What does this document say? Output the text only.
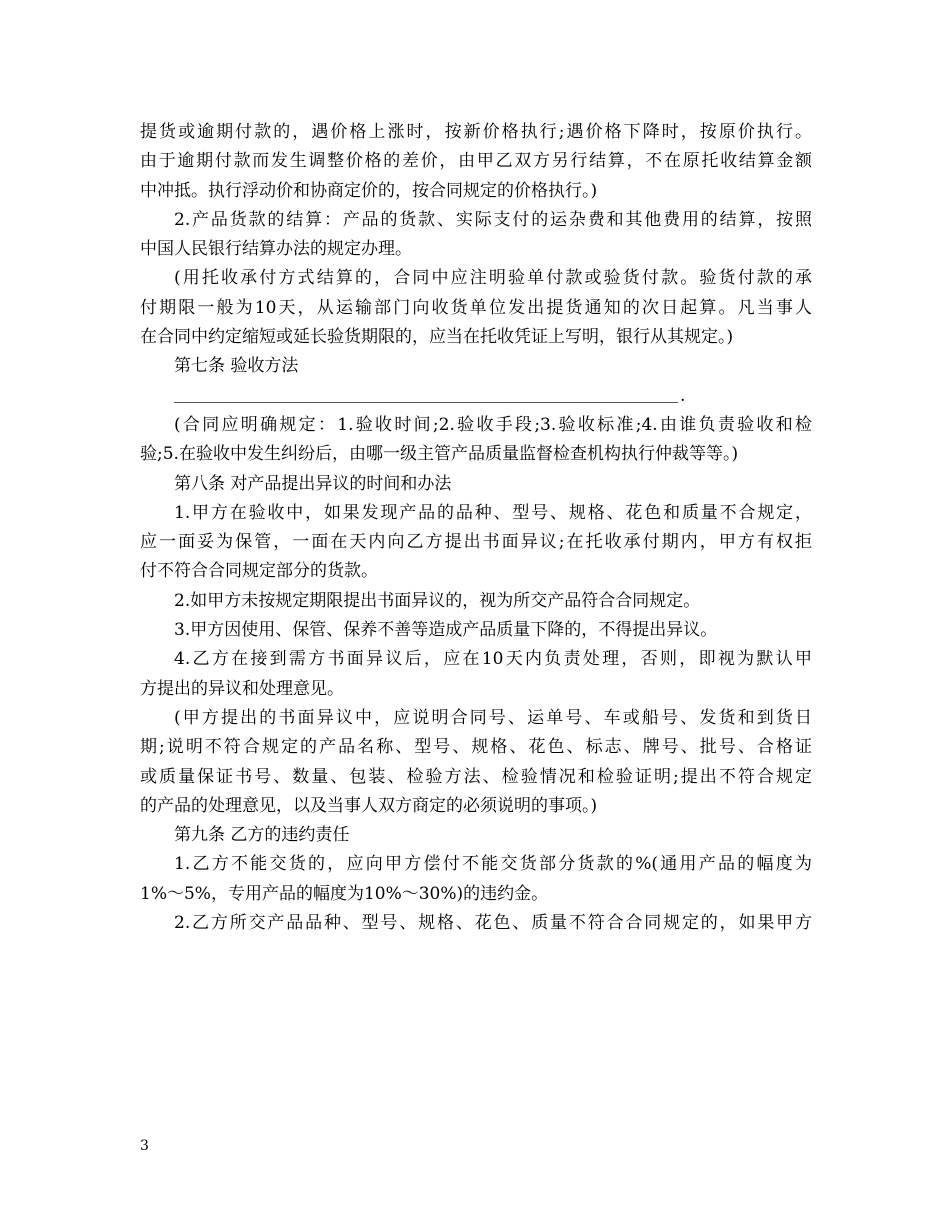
提货或逾期付款的，遇价格上涨时，按新价格执行;遇价格下降时，按原价执行。
由于逾期付款而发生调整价格的差价，由甲乙双方另行结算，不在原托收结算金额
中冲抵。执行浮动价和协商定价的，按合同规定的价格执行。)
2.产品货款的结算：产品的货款、实际支付的运杂费和其他费用的结算，按照
中国人民银行结算办法的规定办理。
(用托收承付方式结算的，合同中应注明验单付款或验货付款。验货付款的承
付期限一般为10天，从运输部门向收货单位发出提货通知的次日起算。凡当事人
在合同中约定缩短或延长验货期限的，应当在托收凭证上写明，银行从其规定。)
第七条 验收方法
.
(合同应明确规定：1.验收时间;2.验收手段;3.验收标准;4.由谁负责验收和检
验;5.在验收中发生纠纷后，由哪一级主管产品质量监督检查机构执行仲裁等等。)
第八条 对产品提出异议的时间和办法
1.甲方在验收中，如果发现产品的品种、型号、规格、花色和质量不合规定，
应一面妥为保管，一面在天内向乙方提出书面异议;在托收承付期内，甲方有权拒
付不符合合同规定部分的货款。
2.如甲方未按规定期限提出书面异议的，视为所交产品符合合同规定。
3.甲方因使用、保管、保养不善等造成产品质量下降的，不得提出异议。
4.乙方在接到需方书面异议后，应在10天内负责处理，否则，即视为默认甲
方提出的异议和处理意见。
(甲方提出的书面异议中，应说明合同号、运单号、车或船号、发货和到货日
期;说明不符合规定的产品名称、型号、规格、花色、标志、牌号、批号、合格证
或质量保证书号、数量、包装、检验方法、检验情况和检验证明;提出不符合规定
的产品的处理意见，以及当事人双方商定的必须说明的事项。)
第九条 乙方的违约责任
1.乙方不能交货的，应向甲方偿付不能交货部分货款的%(通用产品的幅度为
1%～5%，专用产品的幅度为10%～30%)的违约金。
2.乙方所交产品品种、型号、规格、花色、质量不符合合同规定的，如果甲方
3
